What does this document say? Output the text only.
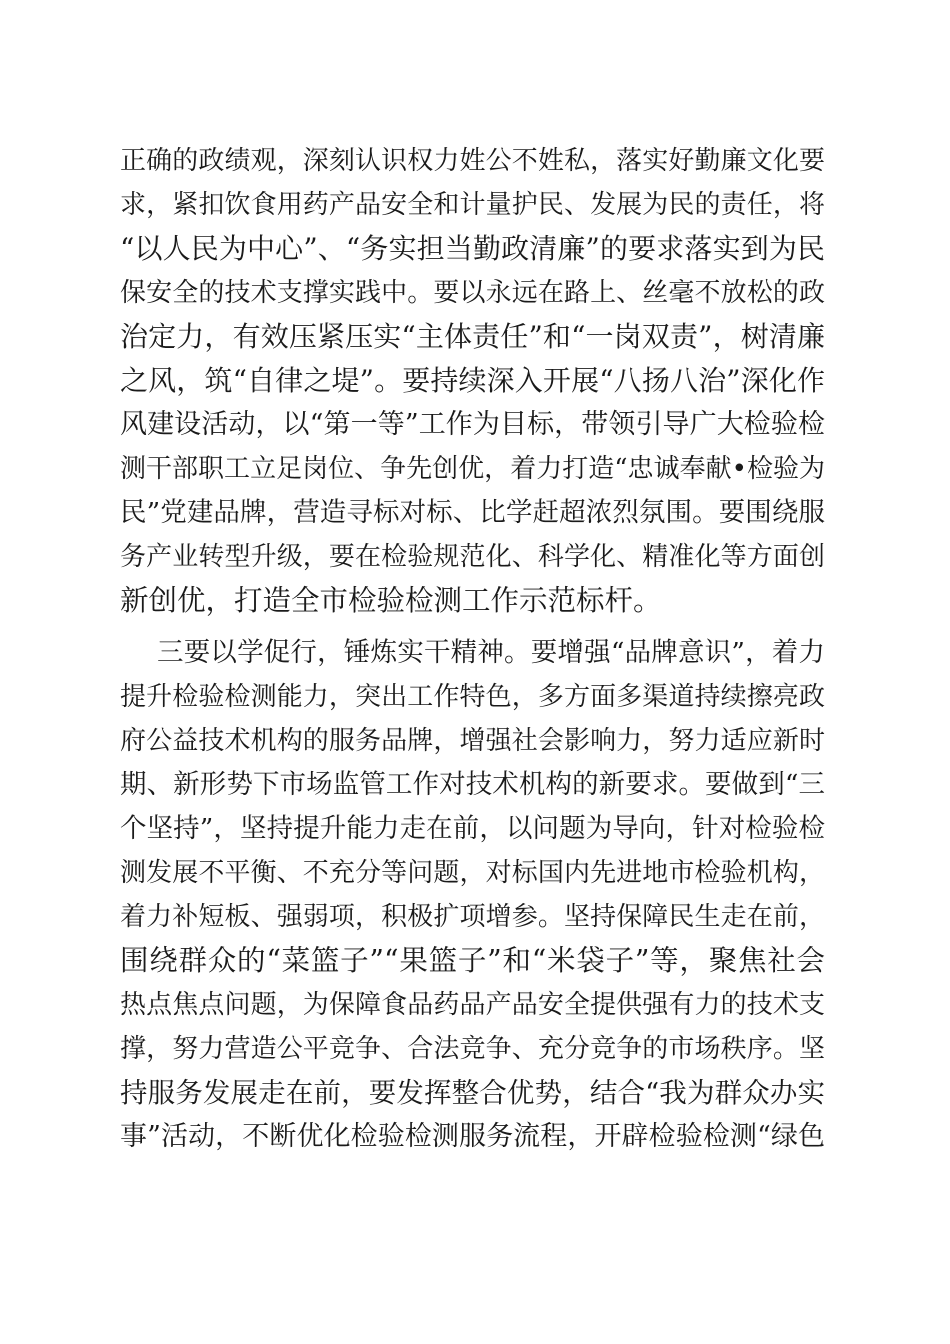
正确的政绩观，深刻认识权力姓公不姓私，落实好勤廉文化要
求，紧扣饮食用药产品安全和计量护民、发展为民的责任，将
“以人民为中心”、“务实担当勤政清廉”的要求落实到为民
保安全的技术支撑实践中。要以永远在路上、丝毫不放松的政
治定力，有效压紧压实“主体责任”和“一岗双责”，树清廉
之风，筑“自律之堤”。要持续深入开展“八扬八治”深化作
风建设活动，以“第一等”工作为目标，带领引导广大检验检
测干部职工立足岗位、争先创优，着力打造“忠诚奉献•检验为
民”党建品牌，营造寻标对标、比学赶超浓烈氛围。要围绕服
务产业转型升级，要在检验规范化、科学化、精准化等方面创
新创优，打造全市检验检测工作示范标杆。
三要以学促行，锤炼实干精神。要增强“品牌意识”，着力
提升检验检测能力，突出工作特色，多方面多渠道持续擦亮政
府公益技术机构的服务品牌，增强社会影响力，努力适应新时
期、新形势下市场监管工作对技术机构的新要求。要做到“三
个坚持”，坚持提升能力走在前，以问题为导向，针对检验检
测发展不平衡、不充分等问题，对标国内先进地市检验机构，
着力补短板、强弱项，积极扩项增参。坚持保障民生走在前，
围绕群众的“菜篮子”“果篮子”和“米袋子”等，聚焦社会
热点焦点问题，为保障食品药品产品安全提供强有力的技术支
撑，努力营造公平竞争、合法竞争、充分竞争的市场秩序。坚
持服务发展走在前，要发挥整合优势，结合“我为群众办实
事”活动，不断优化检验检测服务流程，开辟检验检测“绿色
